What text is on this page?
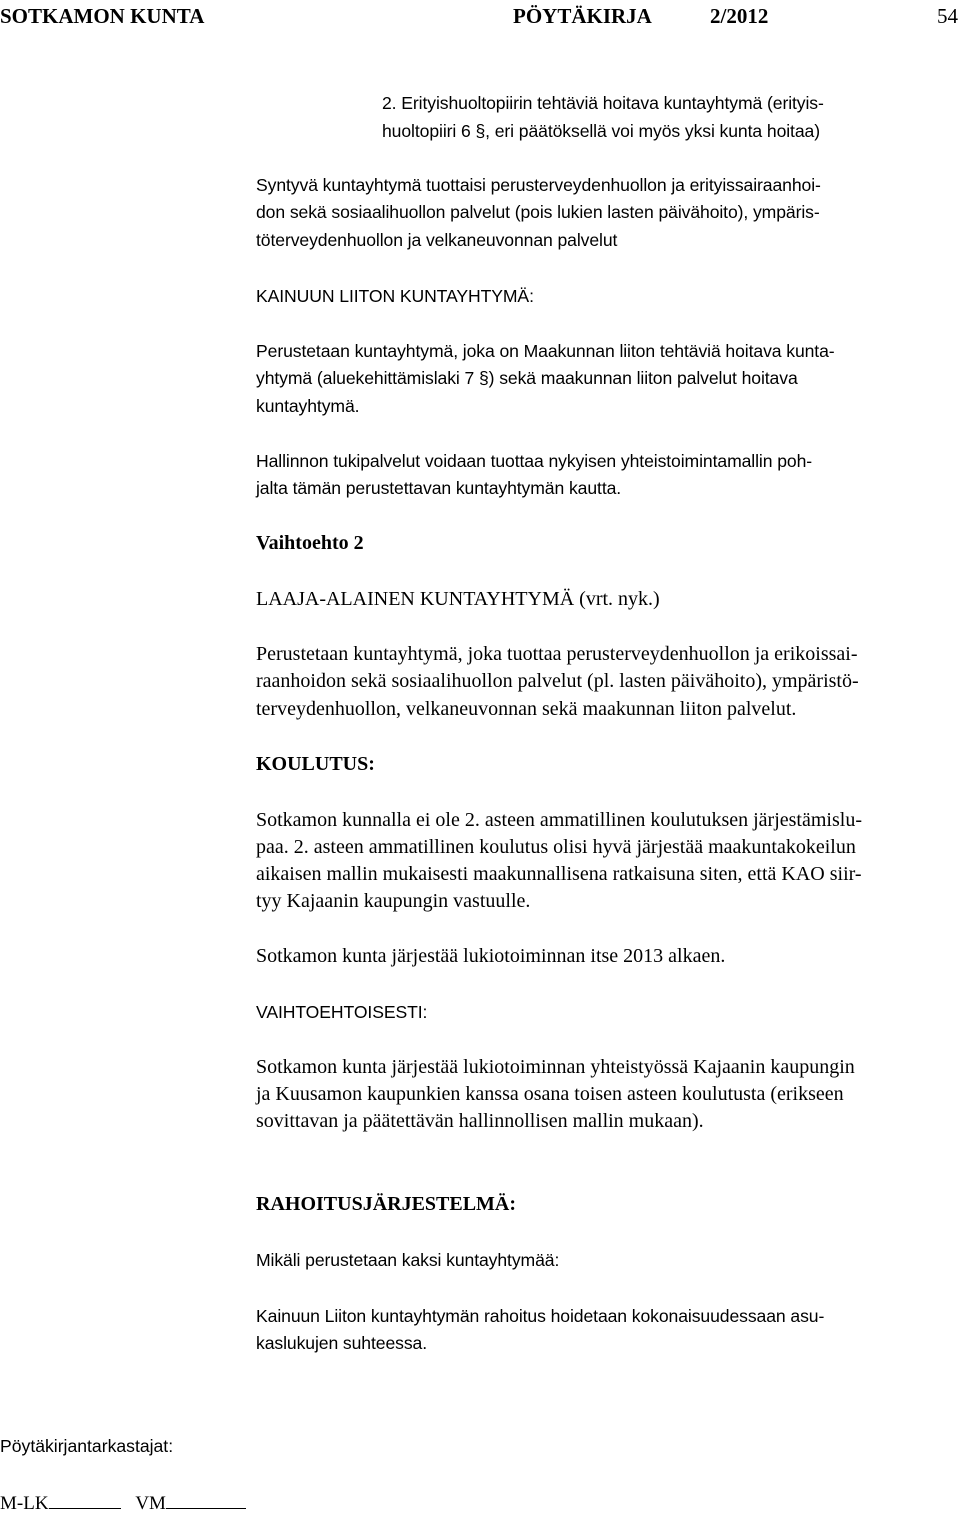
SOTKAMON KUNTA	PÖYTÄKIRJA	2/2012	54
2. Erityishuoltopiirin tehtäviä hoitava kuntayhtymä (erityis-
huoltopiiri 6 §, eri päätöksellä voi myös yksi kunta hoitaa)
Syntyvä kuntayhtymä tuottaisi perusterveydenhuollon ja erityissairaanhoi-
don sekä sosiaalihuollon palvelut (pois lukien lasten päivähoito), ympäris-
töterveydenhuollon ja velkaneuvonnan palvelut
KAINUUN LIITON KUNTAYHTYMÄ:
Perustetaan kuntayhtymä, joka on Maakunnan liiton tehtäviä hoitava kunta-
yhtymä (aluekehittämislaki 7 §) sekä maakunnan liiton palvelut hoitava
kuntayhtymä.
Hallinnon tukipalvelut voidaan tuottaa nykyisen yhteistoimintamallin poh-
jalta tämän perustettavan kuntayhtymän kautta.
Vaihtoehto 2
LAAJA-ALAINEN KUNTAYHTYMÄ (vrt. nyk.)
Perustetaan kuntayhtymä, joka tuottaa perusterveydenhuollon ja erikoissai-
raanhoidon sekä sosiaalihuollon palvelut (pl. lasten päivähoito), ympäristö-
terveydenhuollon, velkaneuvonnan sekä maakunnan liiton palvelut.
KOULUTUS:
Sotkamon kunnalla ei ole 2. asteen ammatillinen koulutuksen järjestämislu-
paa. 2. asteen ammatillinen koulutus olisi hyvä järjestää maakuntakokeilun
aikaisen mallin mukaisesti maakunnallisena ratkaisuna siten, että KAO siir-
tyy Kajaanin kaupungin vastuulle.
Sotkamon kunta järjestää lukiotoiminnan itse 2013 alkaen.
VAIHTOEHTOISESTI:
Sotkamon kunta järjestää lukiotoiminnan yhteistyössä Kajaanin kaupungin
ja Kuusamon kaupunkien kanssa osana toisen asteen koulutusta (erikseen
sovittavan ja päätettävän hallinnollisen mallin mukaan).
RAHOITUSJÄRJESTELMÄ:
Mikäli perustetaan kaksi kuntayhtymää:
Kainuun Liiton kuntayhtymän rahoitus hoidetaan kokonaisuudessaan asu-
kaslukujen suhteessa.
Pöytäkirjantarkastajat:
M-LK	VM
